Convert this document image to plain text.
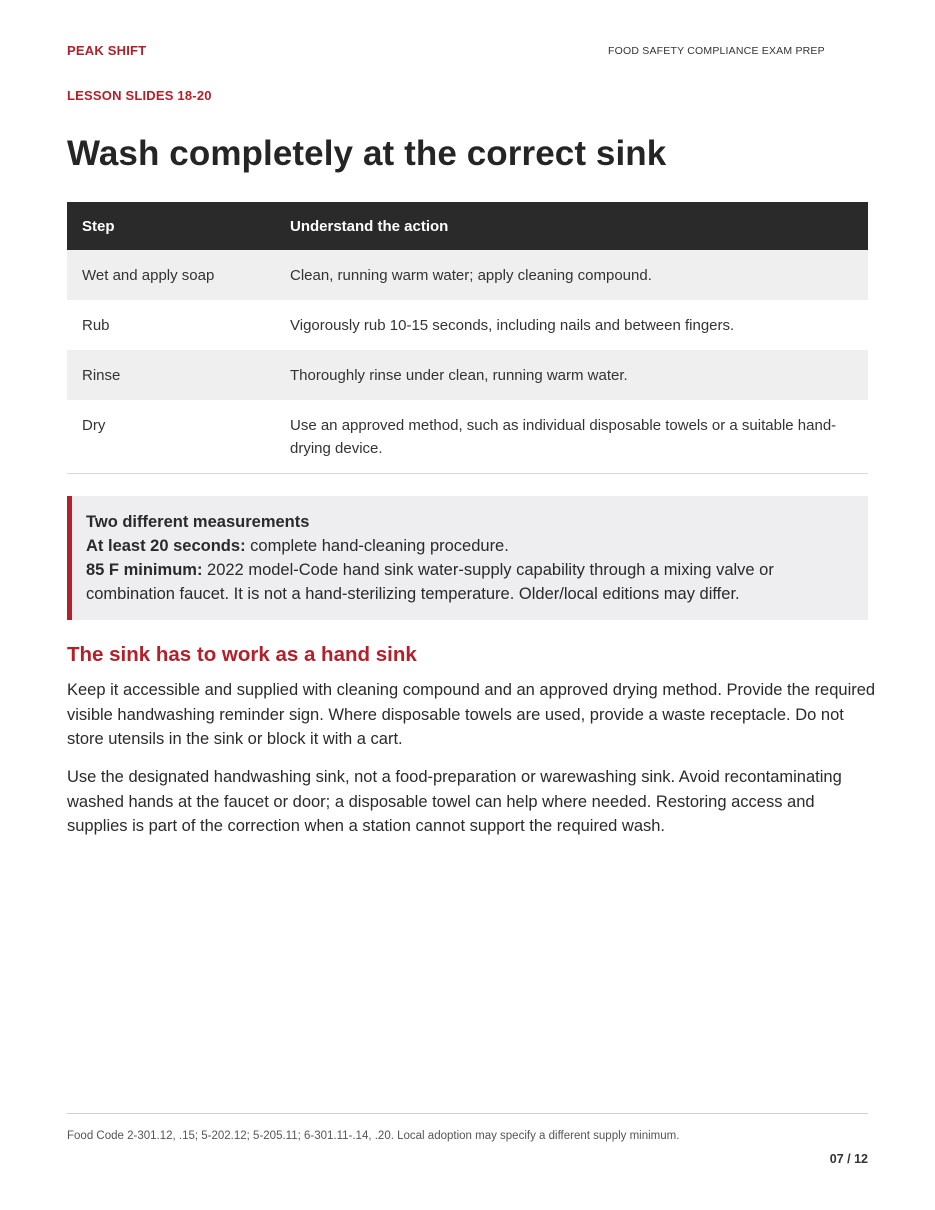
PEAK SHIFT	FOOD SAFETY COMPLIANCE EXAM PREP
LESSON SLIDES 18-20
Wash completely at the correct sink
Step	Understand the action
Wet and apply soap	Clean, running warm water; apply cleaning compound.
Rub	Vigorously rub 10-15 seconds, including nails and between fingers.
Rinse	Thoroughly rinse under clean, running warm water.
Dry	Use an approved method, such as individual disposable towels or a suitable hand-drying device.
Two different measurements
At least 20 seconds: complete hand-cleaning procedure.
85 F minimum: 2022 model-Code hand sink water-supply capability through a mixing valve or combination faucet. It is not a hand-sterilizing temperature. Older/local editions may differ.
The sink has to work as a hand sink

Keep it accessible and supplied with cleaning compound and an approved drying method. Provide the required visible handwashing reminder sign. Where disposable towels are used, provide a waste receptacle. Do not store utensils in the sink or block it with a cart.

Use the designated handwashing sink, not a food-preparation or warewashing sink. Avoid recontaminating washed hands at the faucet or door; a disposable towel can help where needed. Restoring access and supplies is part of the correction when a station cannot support the required wash.

Food Code 2-301.12, .15; 5-202.12; 5-205.11; 6-301.11-.14, .20. Local adoption may specify a different supply minimum.
07 / 12
